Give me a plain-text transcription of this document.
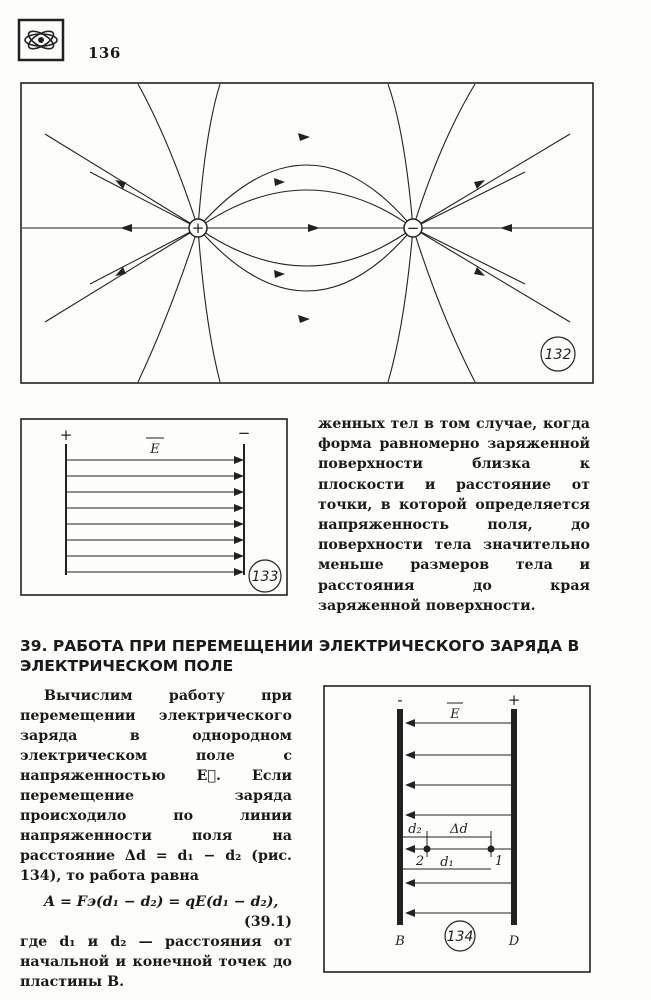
136
+	−
132
+	−
E
133
женных тел в том случае, когда форма равномерно заряженной поверхности близка к плоскости и расстояние от точки, в которой определяется напряженность поля, до поверхности тела значительно меньше размеров тела и расстояния до края заряженной поверхности.
39. РАБОТА ПРИ ПЕРЕМЕЩЕНИИ ЭЛЕКТРИЧЕСКОГО ЗАРЯДА В ЭЛЕКТРИЧЕСКОМ ПОЛЕ

Вычислим работу при перемещении электрического заряда в однородном электрическом поле с напряженностью E⃗. Если перемещение заряда происходило по линии напряженности поля на расстояние Δd = d₁ − d₂ (рис. 134), то работа равна

A = Fэ(d₁ − d₂) = qE(d₁ − d₂),
(39.1)

где d₁ и d₂ — расстояния от начальной и конечной точек до пластины B.

-	+
E
d₂ Δd
d₁
2	1
B	D
134
